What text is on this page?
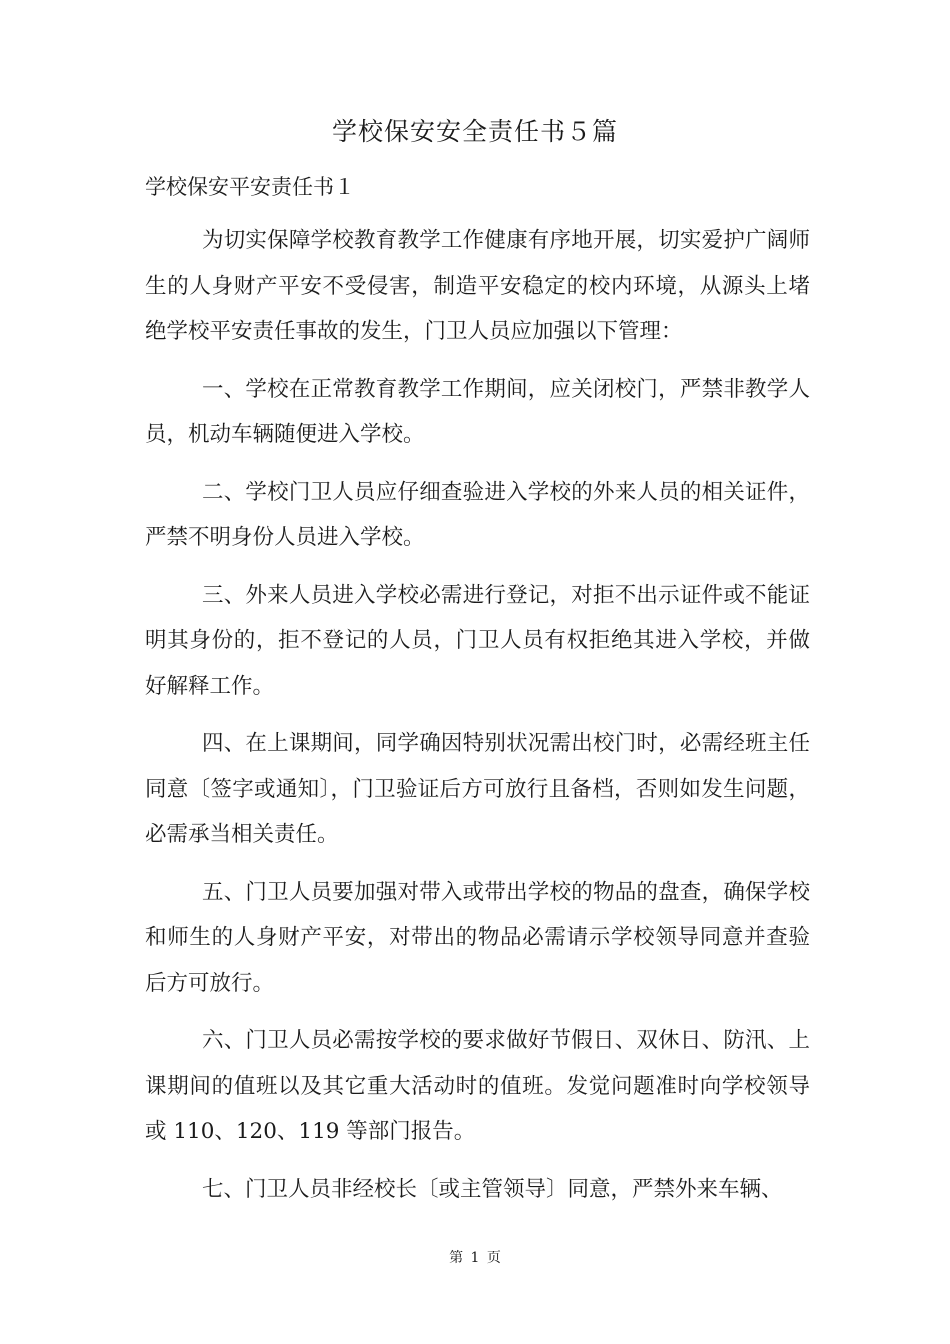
学校保安安全责任书５篇
学校保安平安责任书１

为切实保障学校教育教学工作健康有序地开展，切实爱护广阔师生的人身财产平安不受侵害，制造平安稳定的校内环境，从源头上堵绝学校平安责任事故的发生，门卫人员应加强以下管理：

一、学校在正常教育教学工作期间，应关闭校门，严禁非教学人员，机动车辆随便进入学校。

二、学校门卫人员应仔细查验进入学校的外来人员的相关证件，严禁不明身份人员进入学校。

三、外来人员进入学校必需进行登记，对拒不出示证件或不能证明其身份的，拒不登记的人员，门卫人员有权拒绝其进入学校，并做好解释工作。

四、在上课期间，同学确因特别状况需出校门时，必需经班主任同意〔签字或通知〕，门卫验证后方可放行且备档，否则如发生问题，必需承当相关责任。

五、门卫人员要加强对带入或带出学校的物品的盘查，确保学校和师生的人身财产平安，对带出的物品必需请示学校领导同意并查验后方可放行。

六、门卫人员必需按学校的要求做好节假日、双休日、防汛、上课期间的值班以及其它重大活动时的值班。发觉问题准时向学校领导或 110、120、119 等部门报告。

七、门卫人员非经校长〔或主管领导〕同意，严禁外来车辆、

第 1 页
